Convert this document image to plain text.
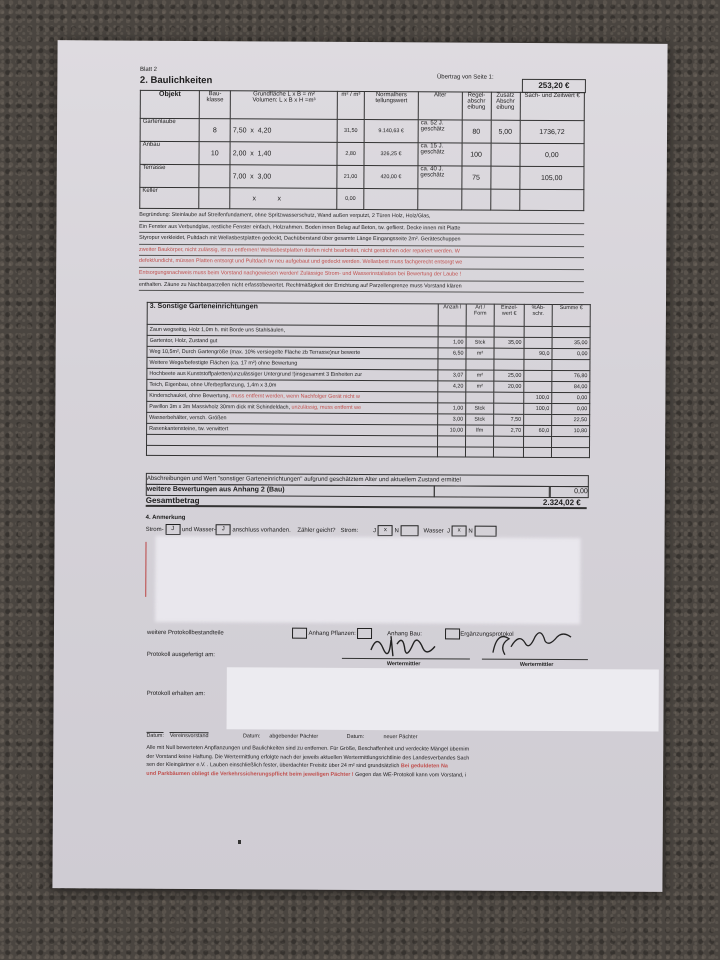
Blatt 2
2. Baulichkeiten	Übertrag von Seite 1:
253,20 €
Objekt	Bau-klasse	Grundfläche L x B = m²
Volumen: L x B x H =m³	m² / m³	Normalhers tellungswert	Alter	Regel-abschr eibung	Zusatz Abschr eibung	Sach- und Zeitwert €
Gartenlaube	8	7,50 x 4,20	31,50	9.140,63 €	ca. 52 J. geschätz	80	5,00	1736,72
Anbau	10	2,00 x 1,40	2,80	326,25 €	ca. 15 J. geschätz	100		0,00
Terrasse		7,00 x 3,00	21,00	420,00 €	ca. 40 J. geschätz	75		105,00
Keller		x x	0,00					
Begründung: Steinlaube auf Streifenfundament, ohne Spritzwasserschutz, Wand außen verputzt, 2 Türen Holz, Holz/Glas,
Ein Fenster aus Verbundglas, restliche Fenster einfach, Holzrahmen. Boden innen Belag auf Beton, tw. gefliest. Decke innen mit Platte
Styropur verkleidet, Pultdach mit Wellasbestplatten gedeckt, Dachüberstand über gesamte Länge Eingangsseite 2m². Geräteschuppen
zweiter Baukörper, nicht zulässig, ist zu entfernen! Wellasbestplatten dürfen nicht bearbeitet, nicht gestrichen oder repariert werden. W
defekt/undicht, müssen Platten entsorgt und Pultdach tw neu aufgebaut und gedeckt werden. Wellasbest muss fachgerecht entsorgt we
Entsorgungsnachweis muss beim Vorstand nachgewiesen werden! Zulässige Strom- und Wasserinstallation bei Bewertung der Laube !
enthalten. Zäune zu Nachbarparzellen nicht erfasst/bewertet. Rechtmäßigkeit der Errichtung auf Parzellengrenze muss Vorstand klären
3. Sonstige Garteneinrichtungen	Anzah l	Art / Form	Einzel-wert €	%Ab-schr.	Summe €
Zaun wegseitig, Holz 1,0m h. mit Borde uns Stahlsäulen,					
Gartentor, Holz, Zustand gut	1,00	Stck	35,00		35,00
Weg 10,5m², Durch Gartengröße (max. 10% versiegelte Fläche zb Terrasse)nur bewerte	6,50	m²		90,0	0,00
Weitere Wege/befestigte Flächen (ca. 17 m²) ohne Bewertung					
Hochbeete aus Kunststoffpaletten(unzulässiger Untergrund !)insgesammt 3 Einheiten zur	3,07	m²	25,00		76,80
Teich, Eigenbau, ohne Uferbepflanzung, 1,4m x 3,0m	4,20	m²	20,00		84,00
Kinderschaukel, ohne Bewertung, muss entfernt werden, wenn Nachfolger Gerät nicht w				100,0	0,00
Pavillon 3m x 3m Massivholz 30mm dick mit Schindeldach, unzulässig, muss entfernt we	1,00	Stck		100,0	0,00
Wasserbehälter, versch. Größen	3,00	Stck	7,50		22,50
Rasenkantensteine, tw. verwittert	10,00	lfm	2,70	60,0	10,80

Abschreibungen und Wert "sonstiger Garteneinrichtungen" aufgrund geschätztem Alter und aktuellem Zustand ermittel
weitere Bewertungen aus Anhang 2 (Bau)	0,00
Gesamtbetrag	2.324,02 €
4. Anmerkung
Strom- J und Wasser- J anschluss vorhanden. Zähler geicht? Strom: J x N	Wasser J x N
weitere Protokollbestandteile	Anhang Pflanzen:	Anhang Bau:	Ergänzungsprotokol
Protokoll ausgefertigt am:
Wertermittler	Wertermittler
Protokoll erhalten am:
Datum: Vereinsvorstand	Datum: abgebender Pächter	Datum:	neuer Pächter
Alle mit Null bewerteten Anpflanzungen und Baulichkeiten sind zu entfernen. Für Größe, Beschaffenheit und verdeckte Mängel übernim
der Vorstand keine Haftung. Die Wertermittlung erfolgte nach der jeweils aktuellen Wertermittlungsrichtlinie des Landesverbandes Sach
sen der Kleingärtner e.V. . Lauben einschließlich fester, überdachter Freisitz über 24 m² sind grundsätzlich Bei geduldeten Na
und Parkbäumen obliegt die Verkehrssicherungspflicht beim jeweiligen Pächter ! Gegen das WE-Protokoll kann vom Vorstand, i
